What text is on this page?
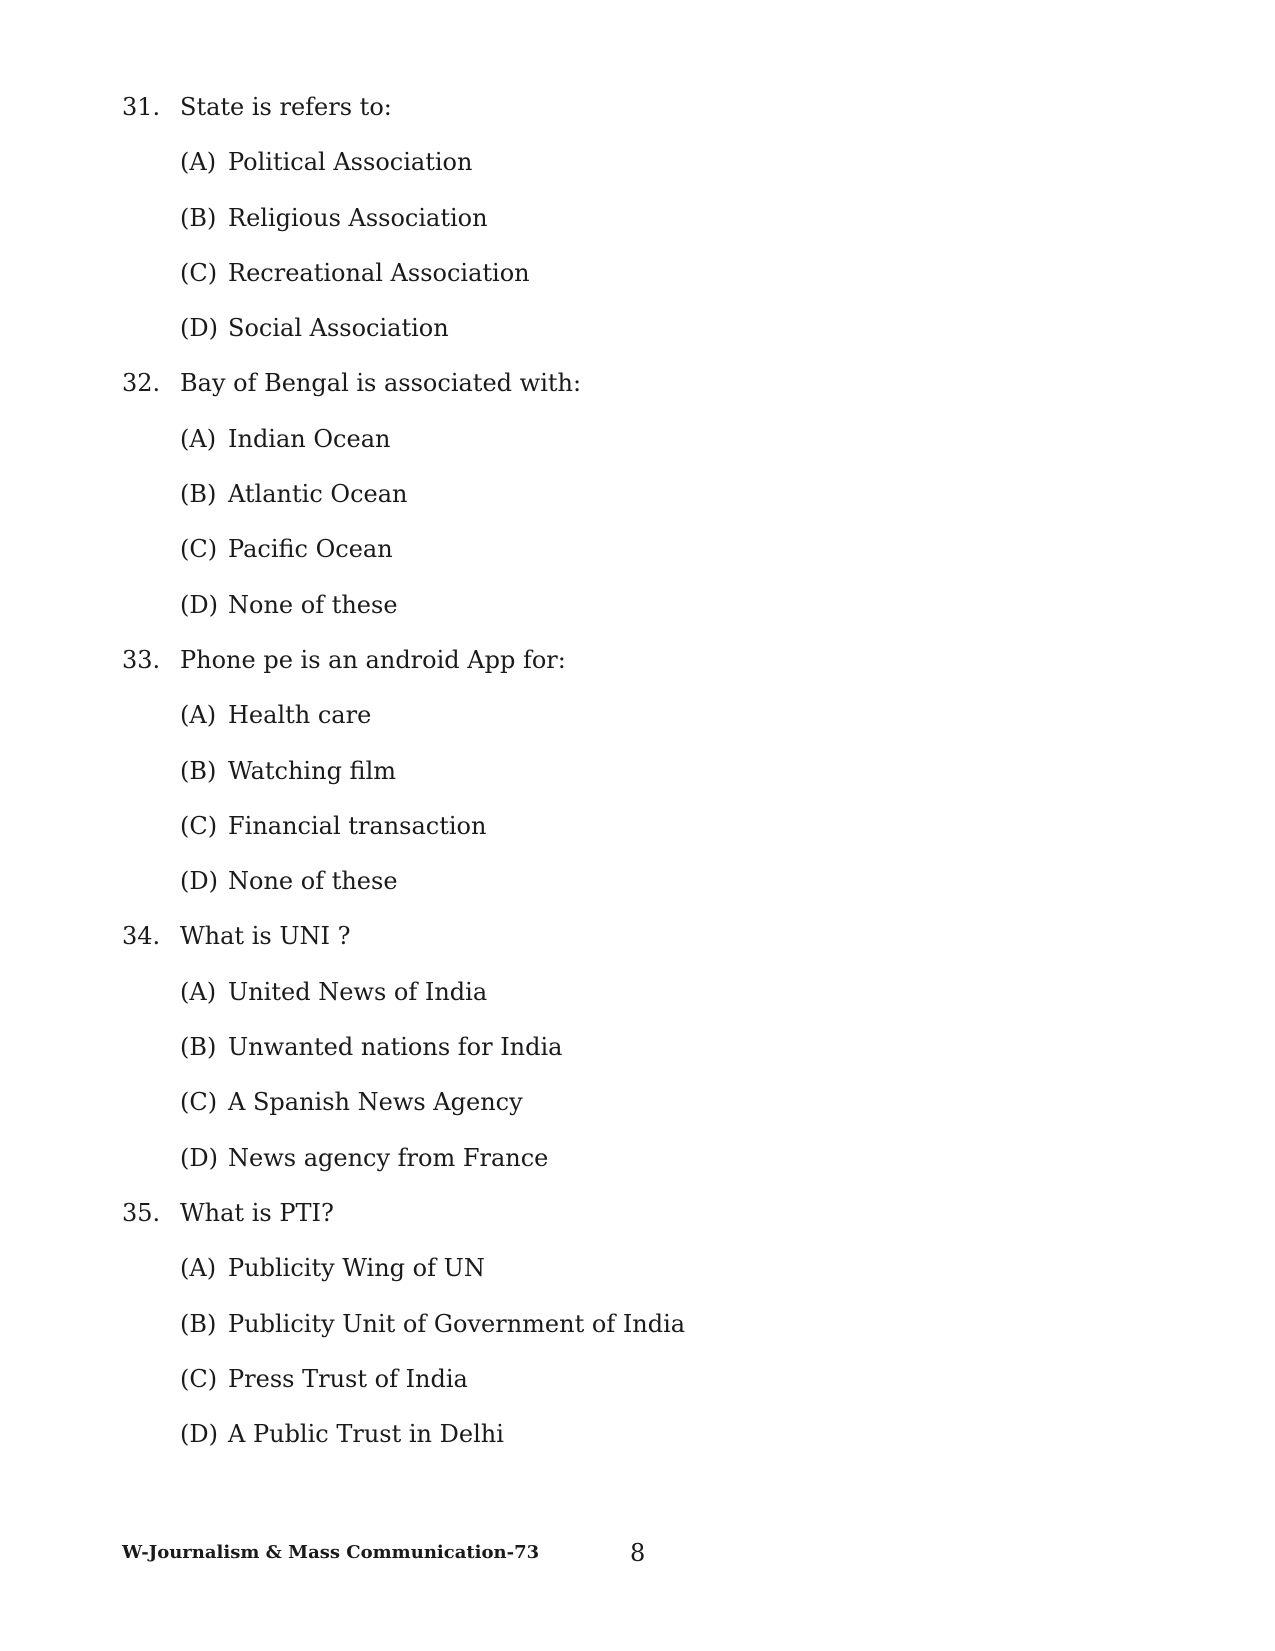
31. State is refers to:
(A) Political Association
(B) Religious Association
(C) Recreational Association
(D) Social Association
32. Bay of Bengal is associated with:
(A) Indian Ocean
(B) Atlantic Ocean
(C) Pacific Ocean
(D) None of these
33. Phone pe is an android App for:
(A) Health care
(B) Watching film
(C) Financial transaction
(D) None of these
34. What is UNI ?
(A) United News of India
(B) Unwanted nations for India
(C) A Spanish News Agency
(D) News agency from France
35. What is PTI?
(A) Publicity Wing of UN
(B) Publicity Unit of Government of India
(C) Press Trust of India
(D) A Public Trust in Delhi
W-Journalism & Mass Communication-73	8
